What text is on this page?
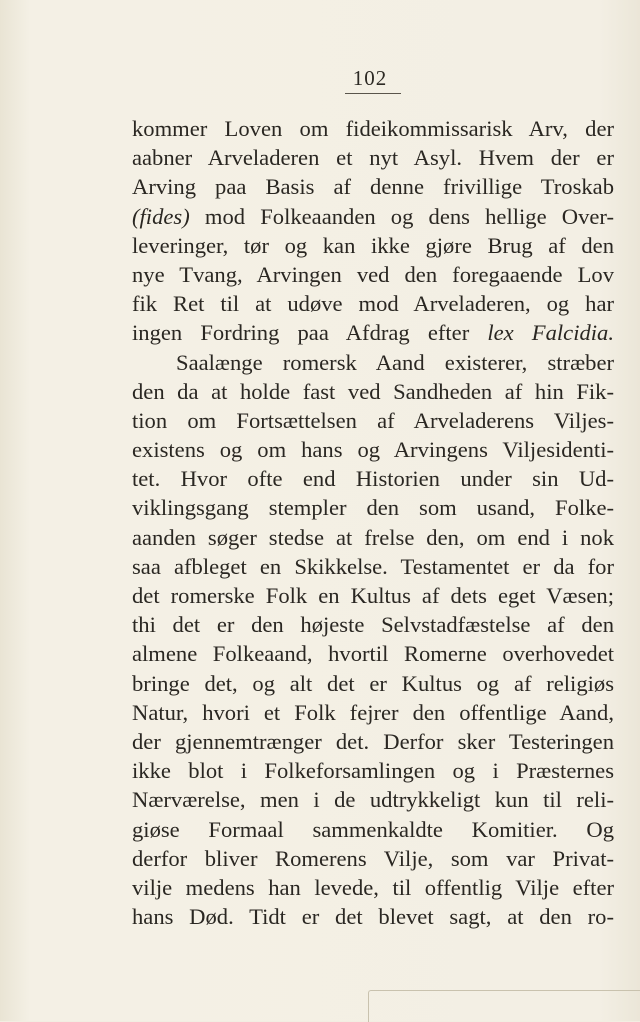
102
kommer Loven om fideikommissarisk Arv, der
aabner Arveladeren et nyt Asyl. Hvem der er
Arving paa Basis af denne frivillige Troskab
(fides) mod Folkeaanden og dens hellige Over-
leveringer, tør og kan ikke gjøre Brug af den
nye Tvang, Arvingen ved den foregaaende Lov
fik Ret til at udøve mod Arveladeren, og har
ingen Fordring paa Afdrag efter lex Falcidia.
Saalænge romersk Aand existerer, stræber
den da at holde fast ved Sandheden af hin Fik-
tion om Fortsættelsen af Arveladerens Viljes-
existens og om hans og Arvingens Viljesidenti-
tet. Hvor ofte end Historien under sin Ud-
viklingsgang stempler den som usand, Folke-
aanden søger stedse at frelse den, om end i nok
saa afbleget en Skikkelse. Testamentet er da for
det romerske Folk en Kultus af dets eget Væsen;
thi det er den højeste Selvstadfæstelse af den
almene Folkeaand, hvortil Romerne overhovedet
bringe det, og alt det er Kultus og af religiøs
Natur, hvori et Folk fejrer den offentlige Aand,
der gjennemtrænger det. Derfor sker Testeringen
ikke blot i Folkeforsamlingen og i Præsternes
Nærværelse, men i de udtrykkeligt kun til reli-
giøse Formaal sammenkaldte Komitier. Og
derfor bliver Romerens Vilje, som var Privat-
vilje medens han levede, til offentlig Vilje efter
hans Død. Tidt er det blevet sagt, at den ro-
